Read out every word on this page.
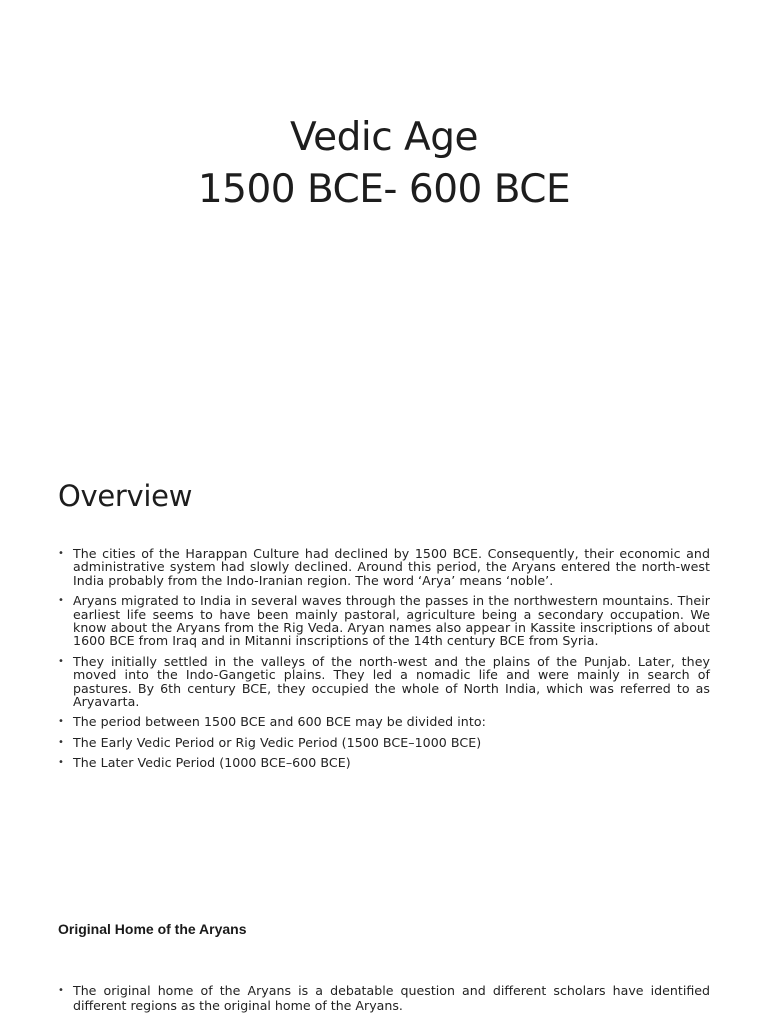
Vedic Age
1500 BCE- 600 BCE
Overview
• The cities of the Harappan Culture had declined by 1500 BCE. Consequently, their economic and administrative system had slowly declined. Around this period, the Aryans entered the north-west India probably from the Indo-Iranian region. The word ‘Arya’ means ‘noble’.
• Aryans migrated to India in several waves through the passes in the northwestern mountains. Their earliest life seems to have been mainly pastoral, agriculture being a secondary occupation. We know about the Aryans from the Rig Veda. Aryan names also appear in Kassite inscriptions of about 1600 BCE from Iraq and in Mitanni inscriptions of the 14th century BCE from Syria.
• They initially settled in the valleys of the north-west and the plains of the Punjab. Later, they moved into the Indo-Gangetic plains. They led a nomadic life and were mainly in search of pastures. By 6th century BCE, they occupied the whole of North India, which was referred to as Aryavarta.
• The period between 1500 BCE and 600 BCE may be divided into:
• The Early Vedic Period or Rig Vedic Period (1500 BCE–1000 BCE)
• The Later Vedic Period (1000 BCE–600 BCE)
Original Home of the Aryans
• The original home of the Aryans is a debatable question and different scholars have identified different regions as the original home of the Aryans.
